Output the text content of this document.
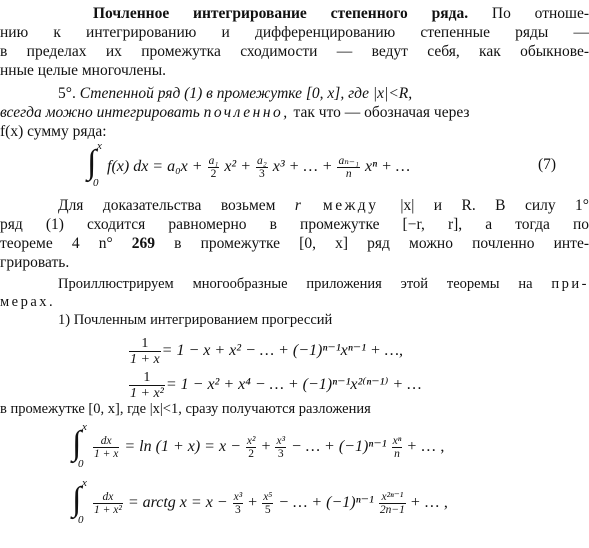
Почленное интегрирование степенного ряда. По отноше-
нию к интегрированию и дифференцированию степенные ряды —
в пределах их промежутка сходимости — ведут себя, как обыкнове-
нные целые многочлены.
5°. Степенной ряд (1) в промежутке [0, x], где |x|<R,
всегда можно интегрировать почленно, так что — обозначая через
f(x) сумму ряда:
∫ x
0
f(x) dx = $a_0x + \frac{\text{a₁}}{2} x^2 + \frac{\text{a₂}}{3} x^3$ + … + $\frac{\text{aₙ₋₁}}{n}$ xⁿ + …	(7)
Для доказательства возьмем r между |x| и R. В силу 1°
ряд (1) сходится равномерно в промежутке [−r, r], а тогда по
теореме 4 n° 269 в промежутке [0, x] ряд можно почленно инте-
грировать.
Проиллюстрируем многообразные приложения этой теоремы на при-
мерах.
1) Почленным интегрированием прогрессий
$\frac{1}{1 + x} = 1 - x + x^2$ − … + (−1)ⁿ⁻¹xⁿ⁻¹ + …,
$\frac{1}{\text{1 + x²}} = 1 - x^2 + x^4$ − … + (−1)ⁿ⁻¹x²⁽ⁿ⁻¹⁾ + …
в промежутке [0, x], где |x|<1, сразу получаются разложения
∫ x
0
$\frac{dx}{1 + x} = \ln (1 + x) = x - \frac{\text{x²}}{2} + \frac{\text{x³}}{3}$ − … + $(-1)^{n-1} \frac{\text{xⁿ}}{n}$ + … ,
∫ x
0
$\frac{dx}{\text{1 + x²}}$ = arctg $x = x - \frac{\text{x³}}{3} + \frac{\text{x⁵}}{5}$ − … + $(-1)^{n-1} \frac{\text{x²ⁿ⁻¹}}{2n-1}$ + … ,
